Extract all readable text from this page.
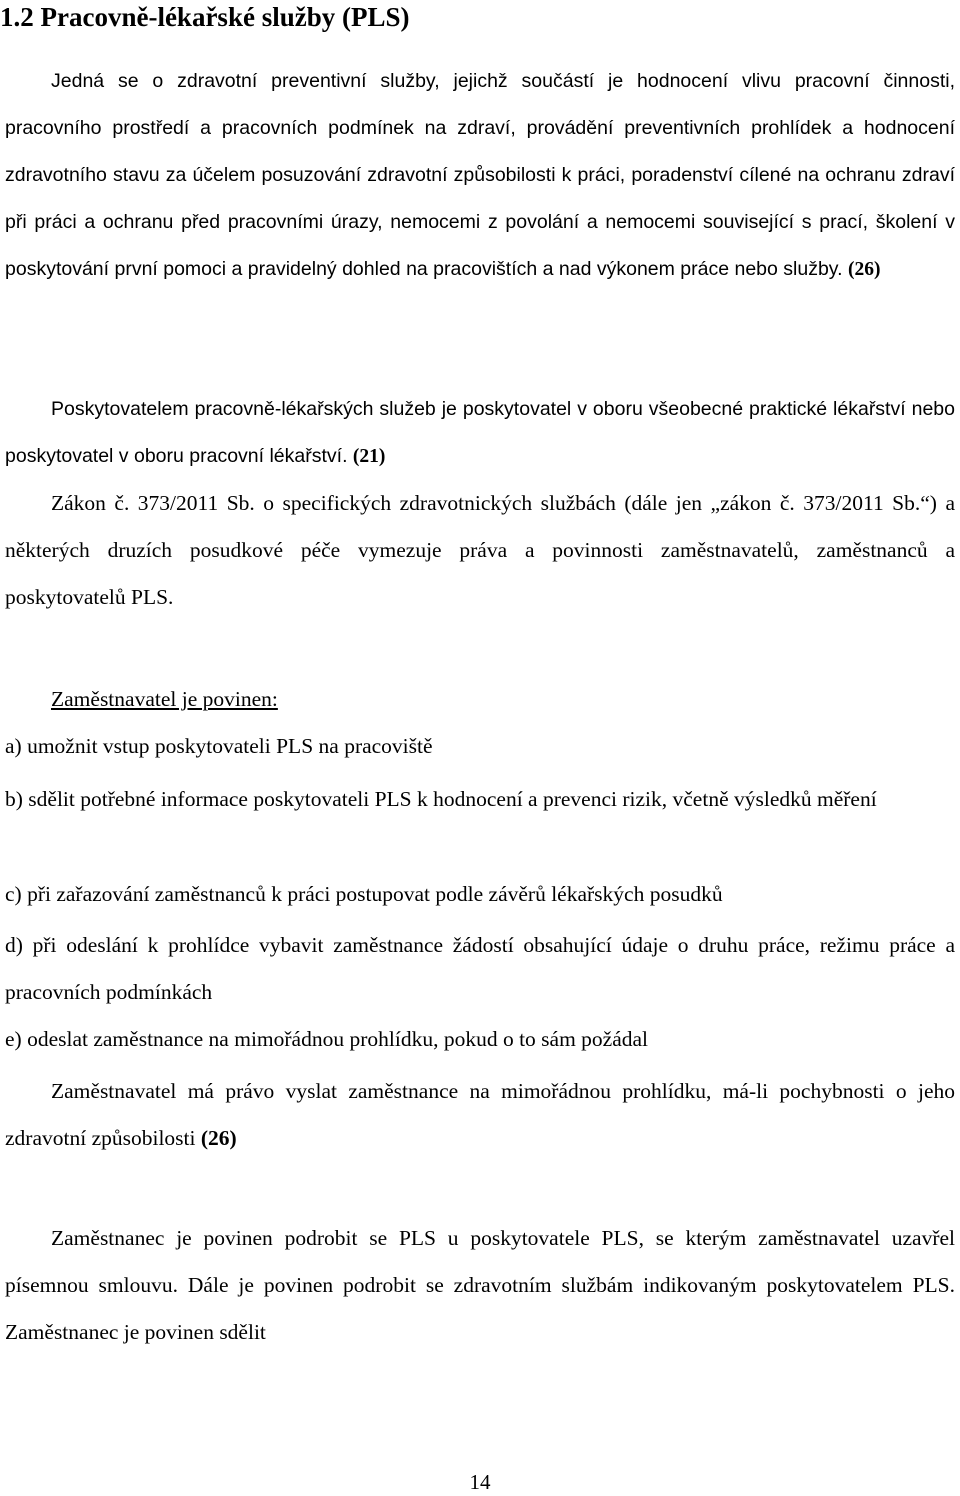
1.2 Pracovně-lékařské služby (PLS)

Jedná se o zdravotní preventivní služby, jejichž součástí je hodnocení vlivu pracovní činnosti, pracovního prostředí a pracovních podmínek na zdraví, provádění preventivních prohlídek a hodnocení zdravotního stavu za účelem posuzování zdravotní způsobilosti k práci, poradenství cílené na ochranu zdraví při práci a ochranu před pracovními úrazy, nemocemi z povolání a nemocemi související s prací, školení v poskytování první pomoci a pravidelný dohled na pracovištích a nad výkonem práce nebo služby. (26)

Poskytovatelem pracovně-lékařských služeb je poskytovatel v oboru všeobecné praktické lékařství nebo poskytovatel v oboru pracovní lékařství. (21)

Zákon č. 373/2011 Sb. o specifických zdravotnických službách (dále jen „zákon č. 373/2011 Sb.“) a některých druzích posudkové péče vymezuje práva a povinnosti zaměstnavatelů, zaměstnanců a poskytovatelů PLS.

Zaměstnavatel je povinen:

a) umožnit vstup poskytovateli PLS na pracoviště

b) sdělit potřebné informace poskytovateli PLS k hodnocení a prevenci rizik, včetně výsledků měření

c) při zařazování zaměstnanců k práci postupovat podle závěrů lékařských posudků

d) při odeslání k prohlídce vybavit zaměstnance žádostí obsahující údaje o druhu práce, režimu práce a pracovních podmínkách

e) odeslat zaměstnance na mimořádnou prohlídku, pokud o to sám požádal

Zaměstnavatel má právo vyslat zaměstnance na mimořádnou prohlídku, má-li pochybnosti o jeho zdravotní způsobilosti (26)

Zaměstnanec je povinen podrobit se PLS u poskytovatele PLS, se kterým zaměstnavatel uzavřel písemnou smlouvu. Dále je povinen podrobit se zdravotním službám indikovaným poskytovatelem PLS. Zaměstnanec je povinen sdělit

14
